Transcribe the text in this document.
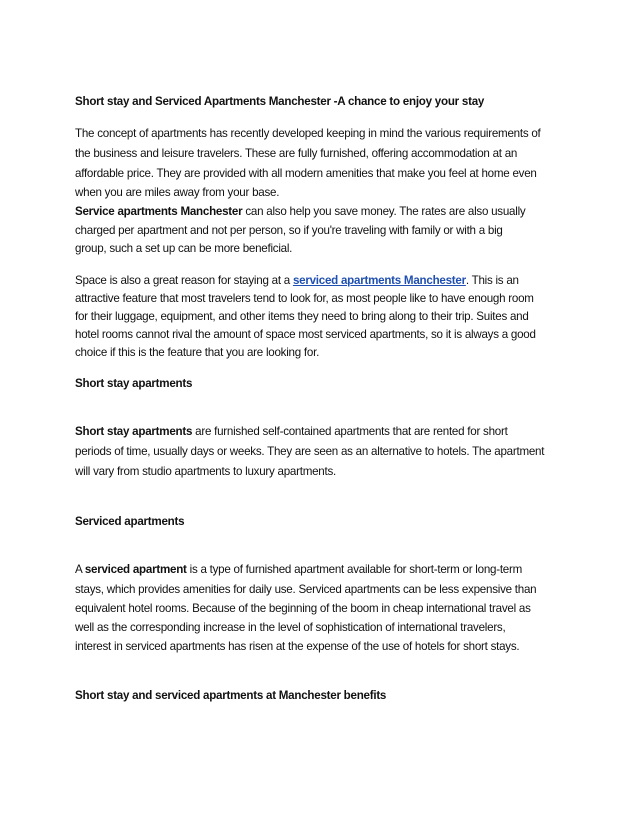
Short stay and Serviced Apartments Manchester -A chance to enjoy your stay
The concept of apartments has recently developed keeping in mind the various requirements of
the business and leisure travelers. These are fully furnished, offering accommodation at an
affordable price. They are provided with all modern amenities that make you feel at home even
when you are miles away from your base.
Service apartments Manchester can also help you save money. The rates are also usually
charged per apartment and not per person, so if you're traveling with family or with a big
group, such a set up can be more beneficial.
Space is also a great reason for staying at a serviced apartments Manchester. This is an
attractive feature that most travelers tend to look for, as most people like to have enough room
for their luggage, equipment, and other items they need to bring along to their trip. Suites and
hotel rooms cannot rival the amount of space most serviced apartments, so it is always a good
choice if this is the feature that you are looking for.
Short stay apartments
Short stay apartments are furnished self-contained apartments that are rented for short
periods of time, usually days or weeks. They are seen as an alternative to hotels. The apartment
will vary from studio apartments to luxury apartments.
Serviced apartments
A serviced apartment is a type of furnished apartment available for short-term or long-term
stays, which provides amenities for daily use. Serviced apartments can be less expensive than
equivalent hotel rooms. Because of the beginning of the boom in cheap international travel as
well as the corresponding increase in the level of sophistication of international travelers,
interest in serviced apartments has risen at the expense of the use of hotels for short stays.
Short stay and serviced apartments at Manchester benefits
